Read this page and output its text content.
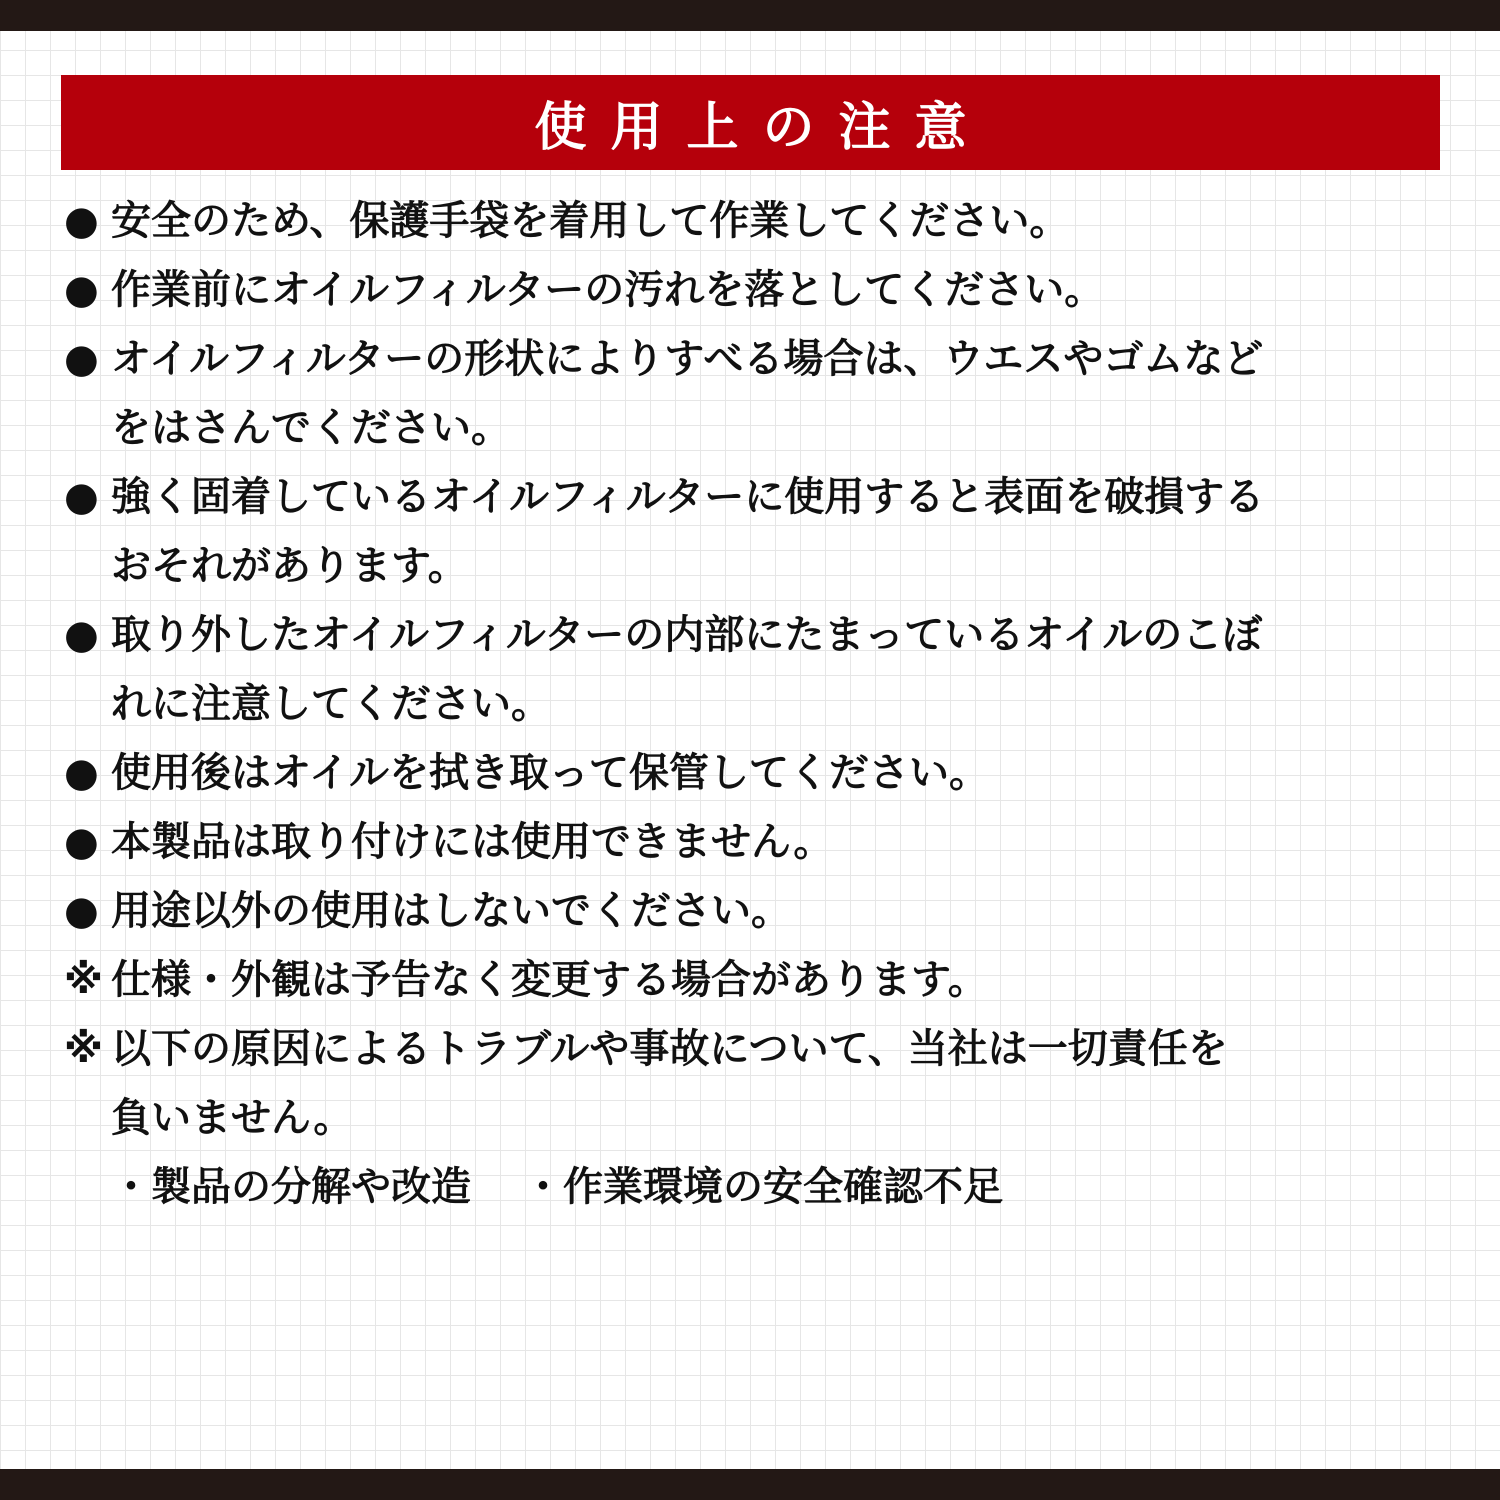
使用上の注意
● 安全のため、保護手袋を着用して作業してください。
● 作業前にオイルフィルターの汚れを落としてください。
● オイルフィルターの形状によりすべる場合は、ウエスやゴムなど
をはさんでください。
● 強く固着しているオイルフィルターに使用すると表面を破損する
おそれがあります。
● 取り外したオイルフィルターの内部にたまっているオイルのこぼ
れに注意してください。
● 使用後はオイルを拭き取って保管してください。
● 本製品は取り付けには使用できません。
● 用途以外の使用はしないでください。
※ 仕様・外観は予告なく変更する場合があります。
※ 以下の原因によるトラブルや事故について、当社は一切責任を
負いません。
・製品の分解や改造 ・作業環境の安全確認不足
